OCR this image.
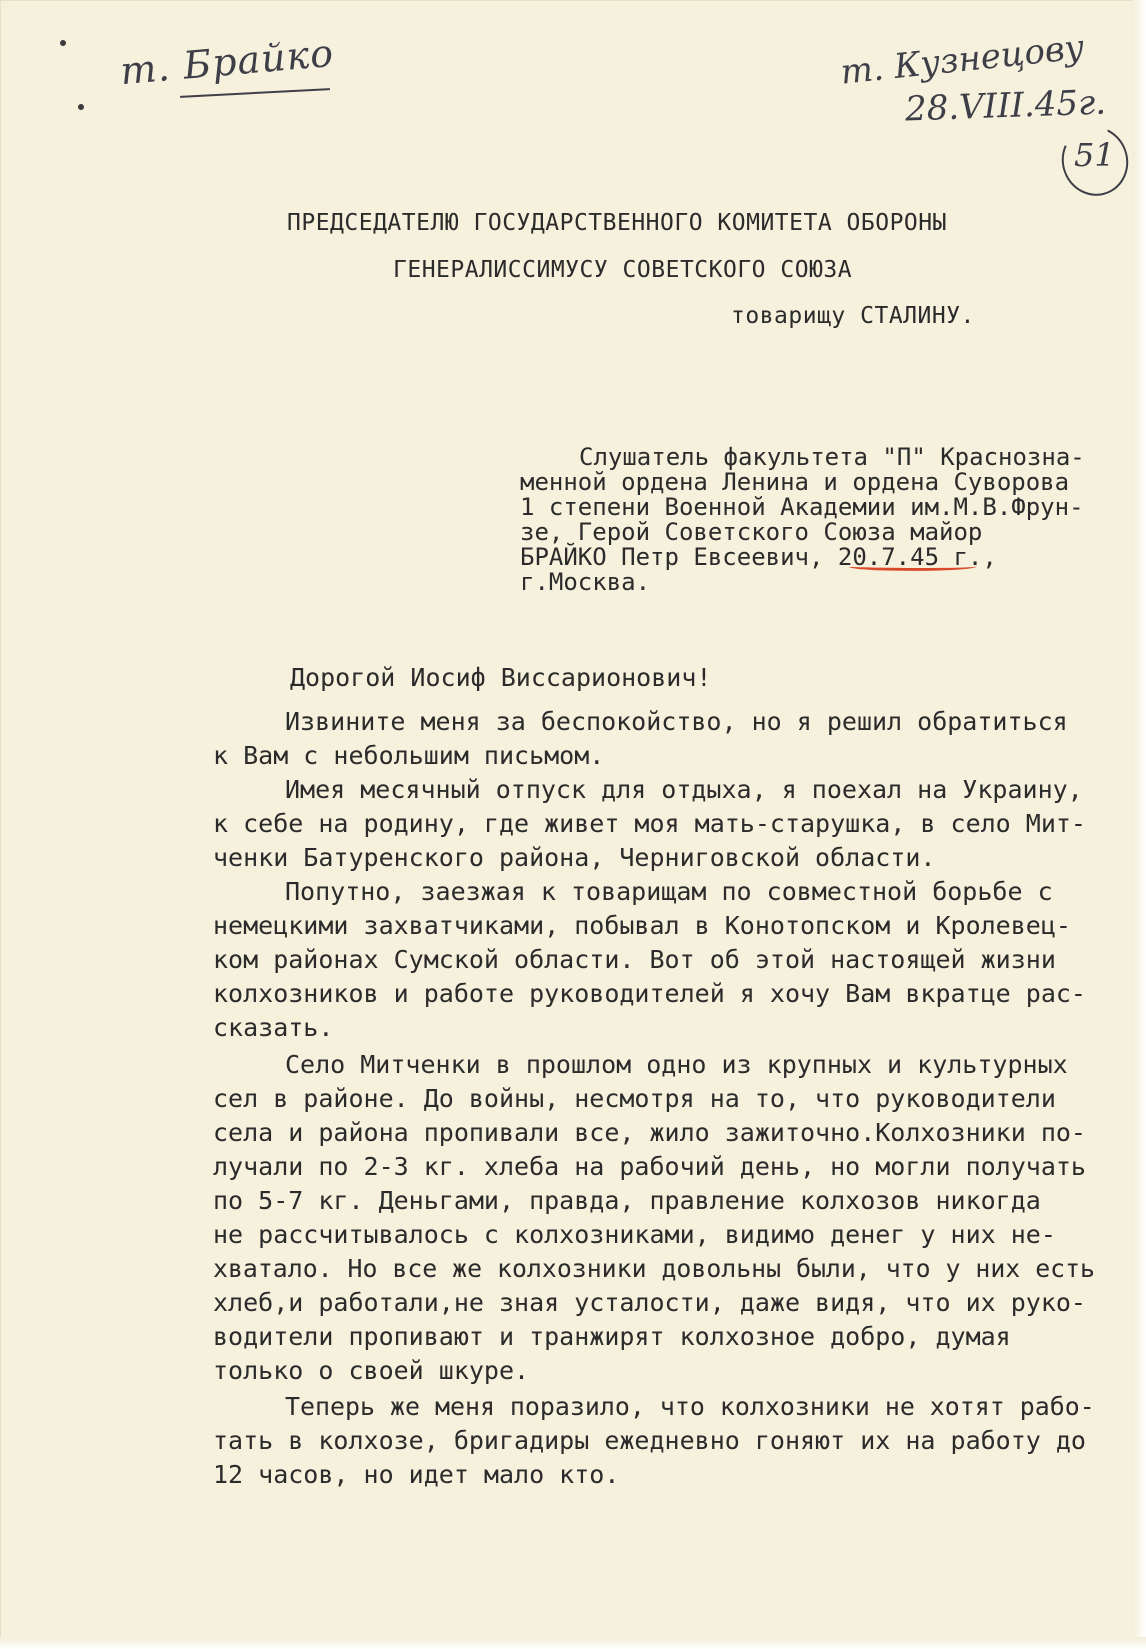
т. Брайко	т. Кузнецову
28.VIII.45г.
51
ПРЕДСЕДАТЕЛЮ ГОСУДАРСТВЕННОГО КОМИТЕТА ОБОРОНЫ
ГЕНЕРАЛИССИМУСУ СОВЕТСКОГО СОЮЗА
товарищу СТАЛИНУ.
Слушатель факультета "П" Краснозна-
менной ордена Ленина и ордена Суворова
1 степени Военной Академии им.М.В.Фрун-
зе, Герой Советского Союза майор
БРАЙКО Петр Евсеевич, 20.7.45 г.,
г.Москва.
Дорогой Иосиф Виссарионович!
Извините меня за беспокойство, но я решил обратиться
к Вам с небольшим письмом.
Имея месячный отпуск для отдыха, я поехал на Украину,
к себе на родину, где живет моя мать-старушка, в село Мит-
ченки Батуренского района, Черниговской области.
Попутно, заезжая к товарищам по совместной борьбе с
немецкими захватчиками, побывал в Конотопском и Кролевец-
ком районах Сумской области. Вот об этой настоящей жизни
колхозников и работе руководителей я хочу Вам вкратце рас-
сказать.
Село Митченки в прошлом одно из крупных и культурных
сел в районе. До войны, несмотря на то, что руководители
села и района пропивали все, жило зажиточно.Колхозники по-
лучали по 2-3 кг. хлеба на рабочий день, но могли получать
по 5-7 кг. Деньгами, правда, правление колхозов никогда
не рассчитывалось с колхозниками, видимо денег у них не-
хватало. Но все же колхозники довольны были, что у них есть
хлеб,и работали,не зная усталости, даже видя, что их руко-
водители пропивают и транжирят колхозное добро, думая
только о своей шкуре.
Теперь же меня поразило, что колхозники не хотят рабо-
тать в колхозе, бригадиры ежедневно гоняют их на работу до
12 часов, но идет мало кто.
